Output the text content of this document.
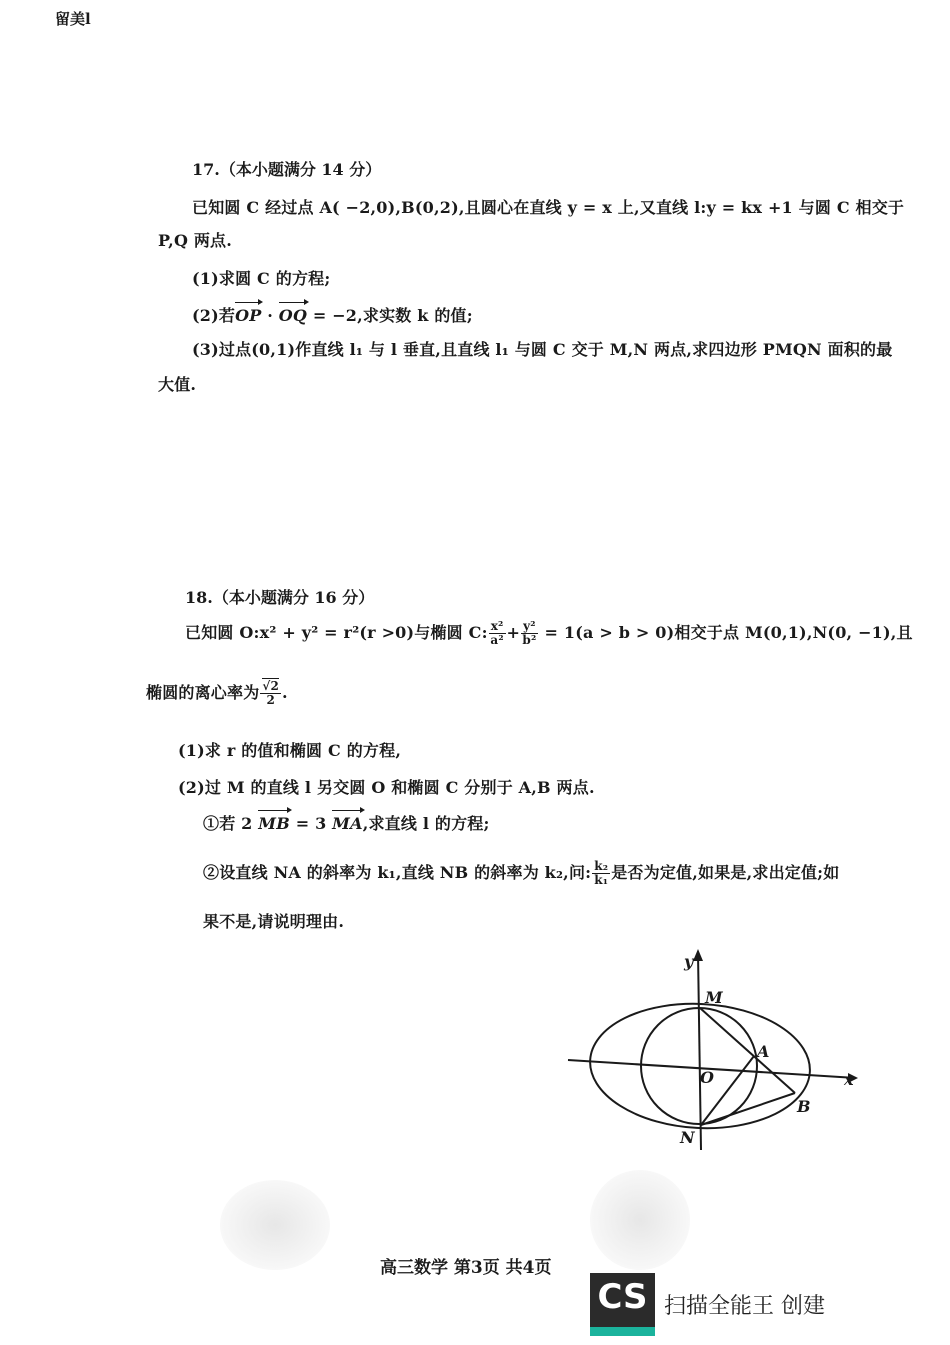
留美l
17.（本小题满分 14 分）
已知圆 C 经过点 A( −2,0),B(0,2),且圆心在直线 y = x 上,又直线 l:y = kx +1 与圆 C 相交于
P,Q 两点.
(1)求圆 C 的方程;
(2)若OP · OQ = −2,求实数 k 的值;
(3)过点(0,1)作直线 l₁ 与 l 垂直,且直线 l₁ 与圆 C 交于 M,N 两点,求四边形 PMQN 面积的最
大值.
18.（本小题满分 16 分）
已知圆 O:x² + y² = r²(r >0)与椭圆 C: $\frac{\text{x²}}{\text{a²}} + \frac{\text{y²}}{\text{b²}} = 1(a > b > 0)$相交于点 M(0,1),N(0, −1),且
椭圆的离心率为 $\frac{√2}{2}$ .
(1)求 r 的值和椭圆 C 的方程,
(2)过 M 的直线 l 另交圆 O 和椭圆 C 分别于 A,B 两点.
①若 2 MB = 3 MA,求直线 l 的方程;
②设直线 NA 的斜率为 k₁,直线 NB 的斜率为 k₂,问: $\frac{\text{k₂}}{\text{k₁}}$ 是否为定值,如果是,求出定值;如
果不是,请说明理由.
y
x
M
N
O
A
B
高三数学 第3页 共4页
CS 扫描全能王 创建
